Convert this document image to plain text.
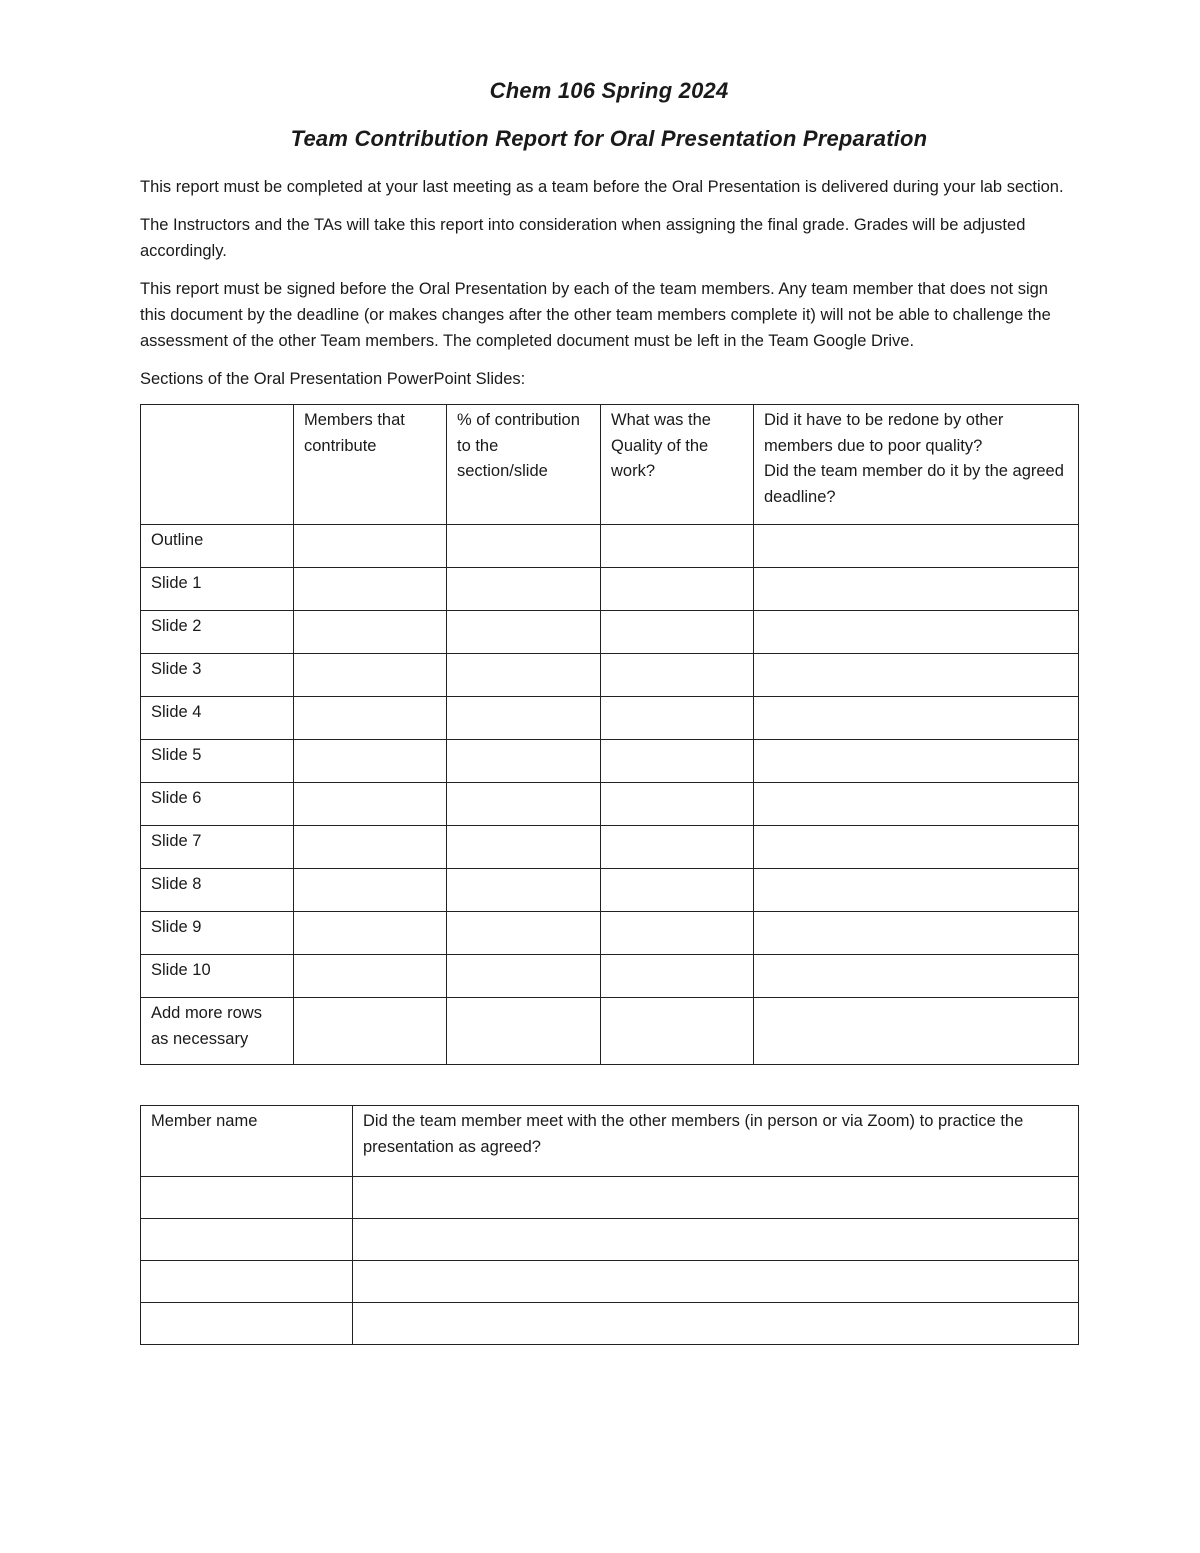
Chem 106 Spring 2024
Team Contribution Report for Oral Presentation Preparation

This report must be completed at your last meeting as a team before the Oral Presentation is delivered during your lab section.

The Instructors and the TAs will take this report into consideration when assigning the final grade. Grades will be adjusted accordingly.

This report must be signed before the Oral Presentation by each of the team members. Any team member that does not sign this document by the deadline (or makes changes after the other team members complete it) will not be able to challenge the assessment of the other Team members. The completed document must be left in the Team Google Drive.

Sections of the Oral Presentation PowerPoint Slides:

	Members that contribute	% of contribution to the section/slide	What was the Quality of the work?	Did it have to be redone by other members due to poor quality?
Did the team member do it by the agreed deadline?

Outline				
Slide 1				
Slide 2				
Slide 3				
Slide 4				
Slide 5				
Slide 6				
Slide 7				
Slide 8				
Slide 9				
Slide 10				
Add more rows as necessary				
Member name	Did the team member meet with the other members (in person or via Zoom) to practice the presentation as agreed?
